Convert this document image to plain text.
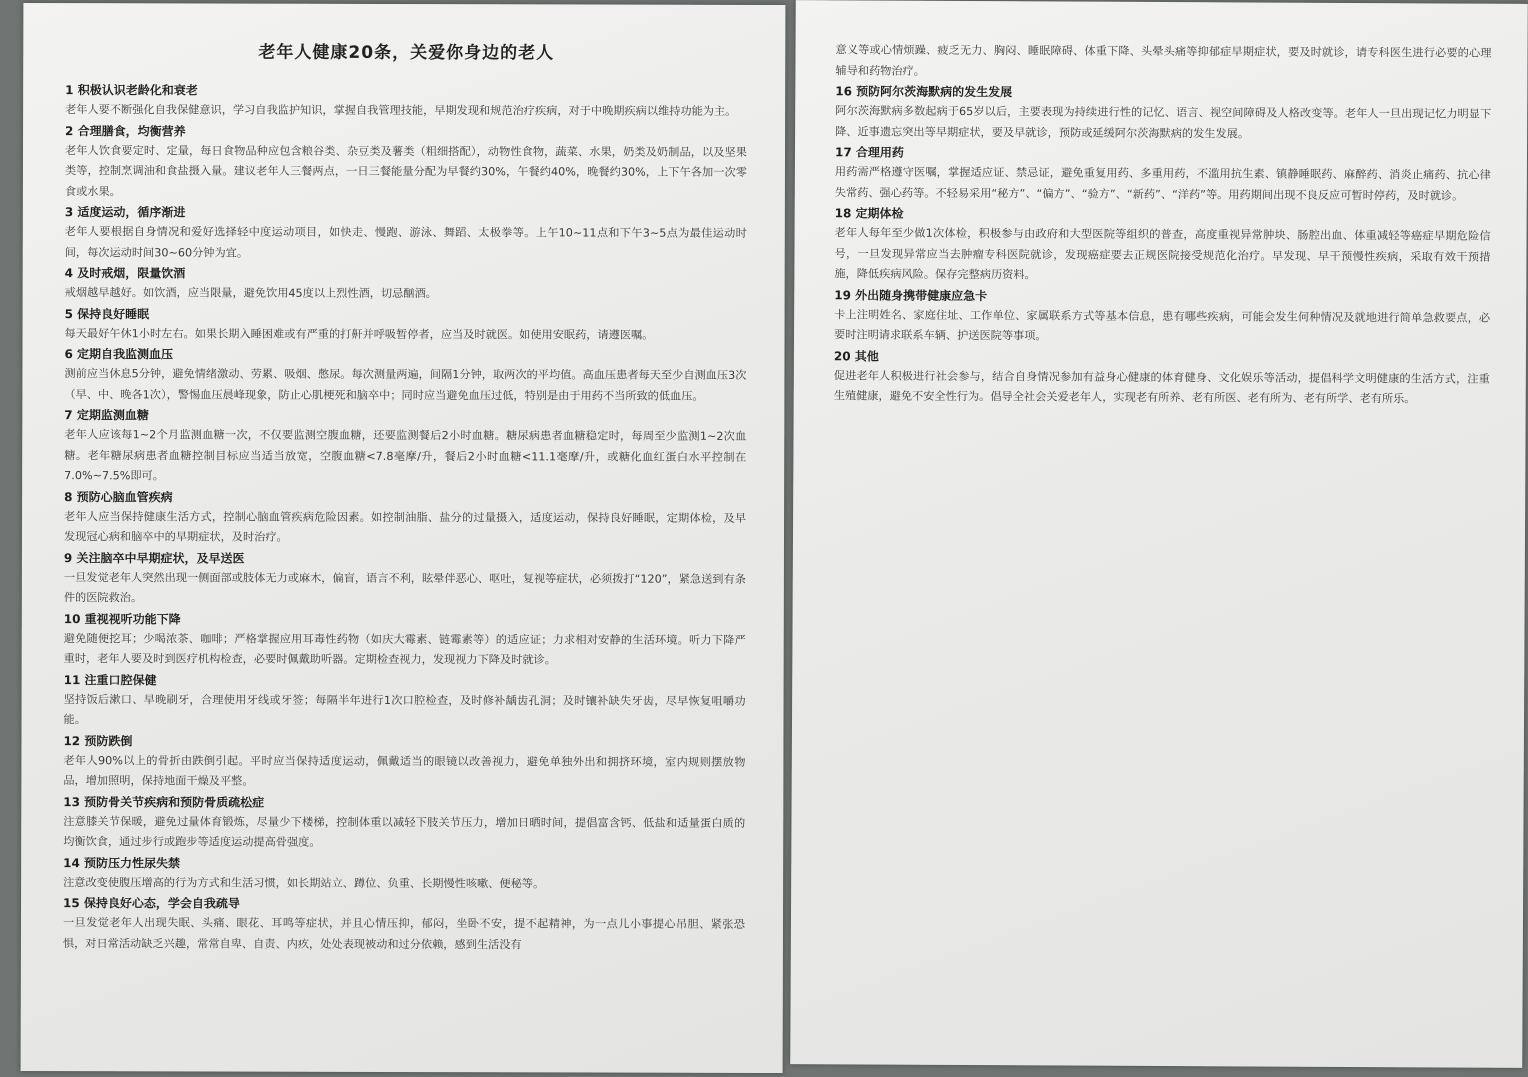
老年人健康20条，关爱你身边的老人
1 积极认识老龄化和衰老
老年人要不断强化自我保健意识，学习自我监护知识，掌握自我管理技能，早期发现和规范治疗疾病，对于中晚期疾病以维持功能为主。
2 合理膳食，均衡营养
老年人饮食要定时、定量，每日食物品种应包含粮谷类、杂豆类及薯类（粗细搭配），动物性食物，蔬菜、水果，奶类及奶制品，以及坚果类等，控制烹调油和食盐摄入量。建议老年人三餐两点，一日三餐能量分配为早餐约30%，午餐约40%，晚餐约30%，上下午各加一次零食或水果。
3 适度运动，循序渐进
老年人要根据自身情况和爱好选择轻中度运动项目，如快走、慢跑、游泳、舞蹈、太极拳等。上午10~11点和下午3~5点为最佳运动时间，每次运动时间30~60分钟为宜。
4 及时戒烟，限量饮酒
戒烟越早越好。如饮酒，应当限量，避免饮用45度以上烈性酒，切忌酗酒。
5 保持良好睡眠
每天最好午休1小时左右。如果长期入睡困难或有严重的打鼾并呼吸暂停者，应当及时就医。如使用安眠药，请遵医嘱。
6 定期自我监测血压
测前应当休息5分钟，避免情绪激动、劳累、吸烟、憋尿。每次测量两遍，间隔1分钟，取两次的平均值。高血压患者每天至少自测血压3次（早、中、晚各1次），警惕血压晨峰现象，防止心肌梗死和脑卒中；同时应当避免血压过低，特别是由于用药不当所致的低血压。
7 定期监测血糖
老年人应该每1~2个月监测血糖一次，不仅要监测空腹血糖，还要监测餐后2小时血糖。糖尿病患者血糖稳定时，每周至少监测1~2次血糖。老年糖尿病患者血糖控制目标应当适当放宽，空腹血糖<7.8毫摩/升，餐后2小时血糖<11.1毫摩/升，或糖化血红蛋白水平控制在7.0%~7.5%即可。
8 预防心脑血管疾病
老年人应当保持健康生活方式，控制心脑血管疾病危险因素。如控制油脂、盐分的过量摄入，适度运动，保持良好睡眠，定期体检，及早发现冠心病和脑卒中的早期症状，及时治疗。
9 关注脑卒中早期症状，及早送医
一旦发觉老年人突然出现一侧面部或肢体无力或麻木，偏盲，语言不利，眩晕伴恶心、呕吐，复视等症状，必须拨打“120”，紧急送到有条件的医院救治。
10 重视视听功能下降
避免随便挖耳；少喝浓茶、咖啡；严格掌握应用耳毒性药物（如庆大霉素、链霉素等）的适应证；力求相对安静的生活环境。听力下降严重时，老年人要及时到医疗机构检查，必要时佩戴助听器。定期检查视力，发现视力下降及时就诊。
11 注重口腔保健
坚持饭后漱口、早晚刷牙，合理使用牙线或牙签；每隔半年进行1次口腔检查，及时修补龋齿孔洞；及时镶补缺失牙齿，尽早恢复咀嚼功能。
12 预防跌倒
老年人90%以上的骨折由跌倒引起。平时应当保持适度运动，佩戴适当的眼镜以改善视力，避免单独外出和拥挤环境，室内规则摆放物品，增加照明，保持地面干燥及平整。
13 预防骨关节疾病和预防骨质疏松症
注意膝关节保暖，避免过量体育锻炼，尽量少下楼梯，控制体重以减轻下肢关节压力，增加日晒时间，提倡富含钙、低盐和适量蛋白质的均衡饮食，通过步行或跑步等适度运动提高骨强度。
14 预防压力性尿失禁
注意改变使腹压增高的行为方式和生活习惯，如长期站立、蹲位、负重、长期慢性咳嗽、便秘等。
15 保持良好心态，学会自我疏导
一旦发觉老年人出现失眠、头痛、眼花、耳鸣等症状，并且心情压抑，郁闷，坐卧不安，提不起精神，为一点儿小事提心吊胆、紧张恐惧，对日常活动缺乏兴趣，常常自卑、自责、内疚，处处表现被动和过分依赖，感到生活没有
意义等或心情烦躁、疲乏无力、胸闷、睡眠障碍、体重下降、头晕头痛等抑郁症早期症状，要及时就诊，请专科医生进行必要的心理辅导和药物治疗。
16 预防阿尔茨海默病的发生发展
阿尔茨海默病多数起病于65岁以后，主要表现为持续进行性的记忆、语言、视空间障碍及人格改变等。老年人一旦出现记忆力明显下降、近事遗忘突出等早期症状，要及早就诊，预防或延缓阿尔茨海默病的发生发展。
17 合理用药
用药需严格遵守医嘱，掌握适应证、禁忌证，避免重复用药、多重用药，不滥用抗生素、镇静睡眠药、麻醉药、消炎止痛药、抗心律失常药、强心药等。不轻易采用“秘方”、“偏方”、“验方”、“新药”、“洋药”等。用药期间出现不良反应可暂时停药，及时就诊。
18 定期体检
老年人每年至少做1次体检，积极参与由政府和大型医院等组织的普查，高度重视异常肿块、肠腔出血、体重减轻等癌症早期危险信号，一旦发现异常应当去肿瘤专科医院就诊，发现癌症要去正规医院接受规范化治疗。早发现、早干预慢性疾病，采取有效干预措施，降低疾病风险。保存完整病历资料。
19 外出随身携带健康应急卡
卡上注明姓名、家庭住址、工作单位、家属联系方式等基本信息，患有哪些疾病，可能会发生何种情况及就地进行简单急救要点，必要时注明请求联系车辆、护送医院等事项。
20 其他
促进老年人积极进行社会参与，结合自身情况参加有益身心健康的体育健身、文化娱乐等活动，提倡科学文明健康的生活方式，注重生殖健康，避免不安全性行为。倡导全社会关爱老年人，实现老有所养、老有所医、老有所为、老有所学、老有所乐。
